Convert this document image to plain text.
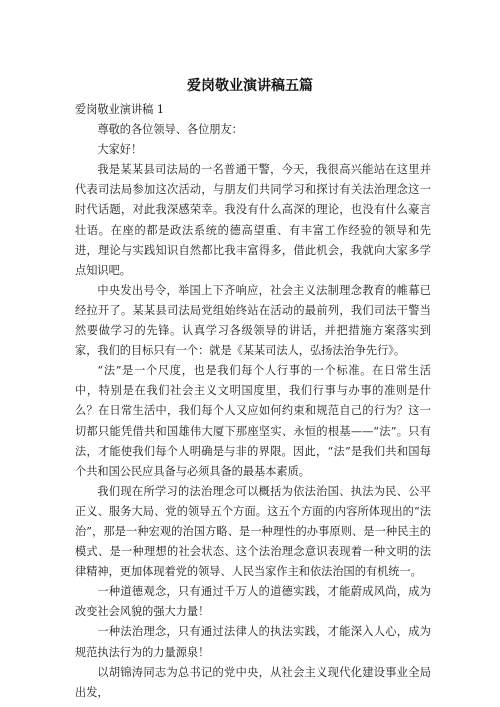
爱岗敬业演讲稿五篇

爱岗敬业演讲稿 1

尊敬的各位领导、各位朋友：

大家好！

我是某某县司法局的一名普通干警，今天，我很高兴能站在这里并代表司法局参加这次活动，与朋友们共同学习和探讨有关法治理念这一时代话题，对此我深感荣幸。我没有什么高深的理论，也没有什么豪言壮语。在座的都是政法系统的德高望重、有丰富工作经验的领导和先进，理论与实践知识自然都比我丰富得多，借此机会，我就向大家多学点知识吧。

中央发出号令，举国上下齐响应，社会主义法制理念教育的帷幕已经拉开了。某某县司法局党组始终站在活动的最前列，我们司法干警当然要做学习的先锋。认真学习各级领导的讲话，并把措施方案落实到家，我们的目标只有一个：就是《某某司法人，弘扬法治争先行》。

“法”是一个尺度，也是我们每个人行事的一个标准。在日常生活中，特别是在我们社会主义文明国度里，我们行事与办事的准则是什么？在日常生活中，我们每个人又应如何约束和规范自己的行为？这一切都只能凭借共和国雄伟大厦下那座坚实、永恒的根基——“法”。只有法，才能使我们每个人明确是与非的界限。因此，“法”是我们共和国每个共和国公民应具备与必须具备的最基本素质。

我们现在所学习的法治理念可以概括为依法治国、执法为民、公平正义、服务大局、党的领导五个方面。这五个方面的内容所体现出的“法治”，那是一种宏观的治国方略、是一种理性的办事原则、是一种民主的模式、是一种理想的社会状态、这个法治理念意识表现着一种文明的法律精神，更加体现着党的领导、人民当家作主和依法治国的有机统一。

一种道德观念，只有通过千万人的道德实践，才能蔚成风尚，成为改变社会风貌的强大力量！

一种法治理念，只有通过法律人的执法实践，才能深入人心，成为规范执法行为的力量源泉！

以胡锦涛同志为总书记的党中央，从社会主义现代化建设事业全局出发，
